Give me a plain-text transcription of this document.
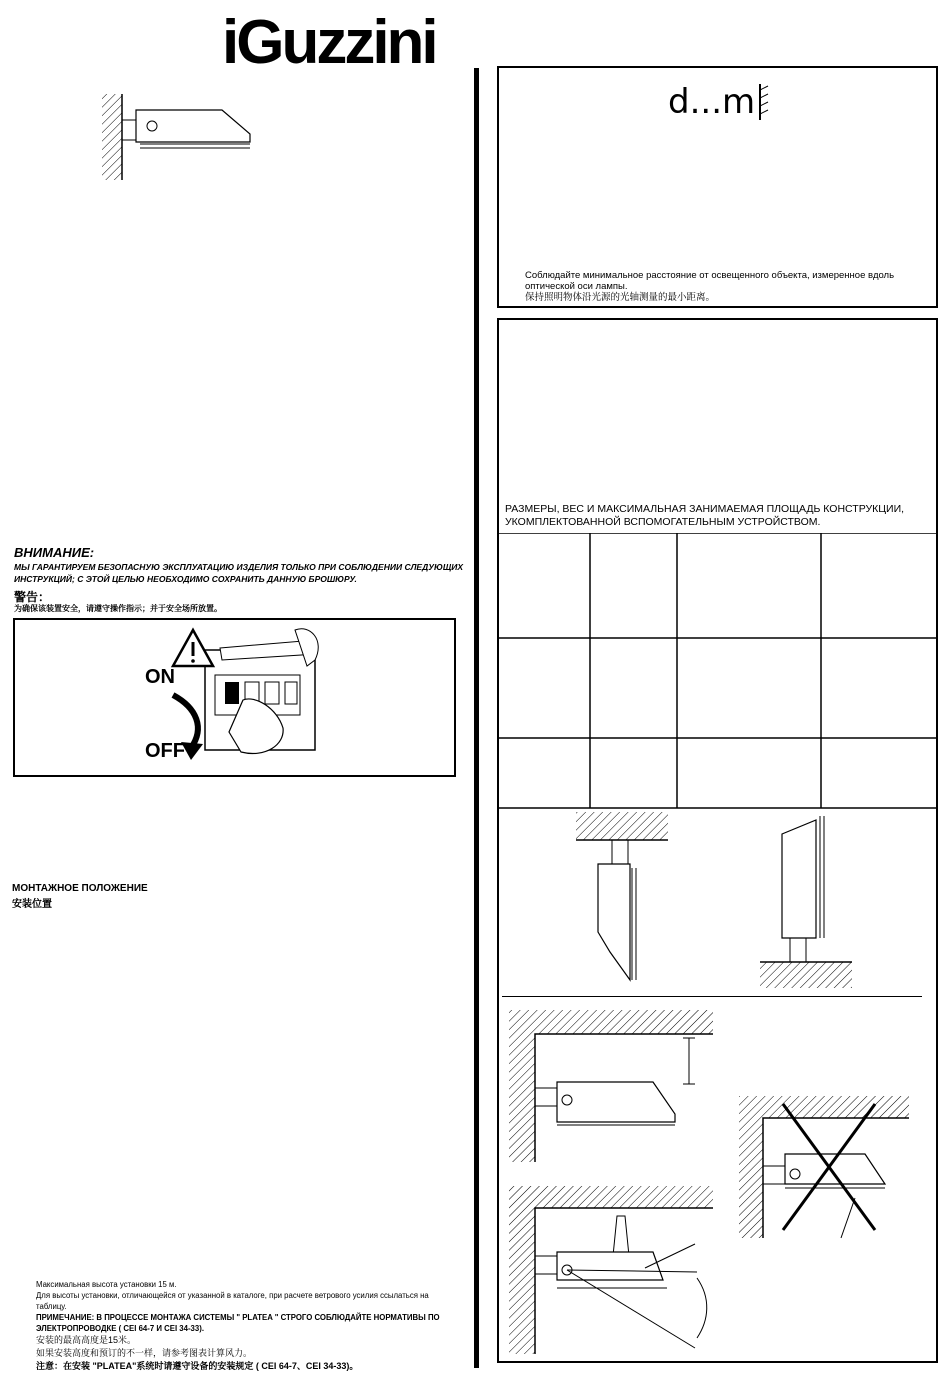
iGuzzini
ВНИМАНИЕ:
МЫ ГАРАНТИРУЕМ БЕЗОПАСНУЮ ЭКСПЛУАТАЦИЮ ИЗДЕЛИЯ ТОЛЬКО ПРИ СОБЛЮДЕНИИ СЛЕДУЮЩИХ ИНСТРУКЦИЙ; С ЭТОЙ ЦЕЛЬЮ НЕОБХОДИМО СОХРАНИТЬ ДАННУЮ БРОШЮРУ.
警告：
为确保该装置安全，请遵守操作指示；并于安全场所放置。
ON
OFF
МОНТАЖНОЕ ПОЛОЖЕНИЕ
安装位置
Максимальная высота установки 15 м.
Для высоты установки, отличающейся от указанной в каталоге, при расчете ветрового усилия ссылаться на таблицу.
ПРИМЕЧАНИЕ: В ПРОЦЕССЕ МОНТАЖА СИСТЕМЫ " PLATEA " СТРОГО СОБЛЮДАЙТЕ НОРМАТИВЫ ПО ЭЛЕКТРОПРОВОДКЕ ( CEI 64-7 И CEI 34-33).
安装的最高高度是15米。
如果安装高度和预订的不一样，请参考图表计算风力。
注意：在安装 "PLATEA"系统时请遵守设备的安装规定 ( CEI 64-7、CEI 34-33)。
d...m
Соблюдайте минимальное расстояние от освещенного объекта, измеренное вдоль оптической оси лампы.
保持照明物体沿光源的光轴测量的最小距离。
РАЗМЕРЫ, ВЕС И МАКСИМАЛЬНАЯ ЗАНИМАЕМАЯ ПЛОЩАДЬ КОНСТРУКЦИИ, УКОМПЛЕКТОВАННОЙ ВСПОМОГАТЕЛЬНЫМ УСТРОЙСТВОМ.
